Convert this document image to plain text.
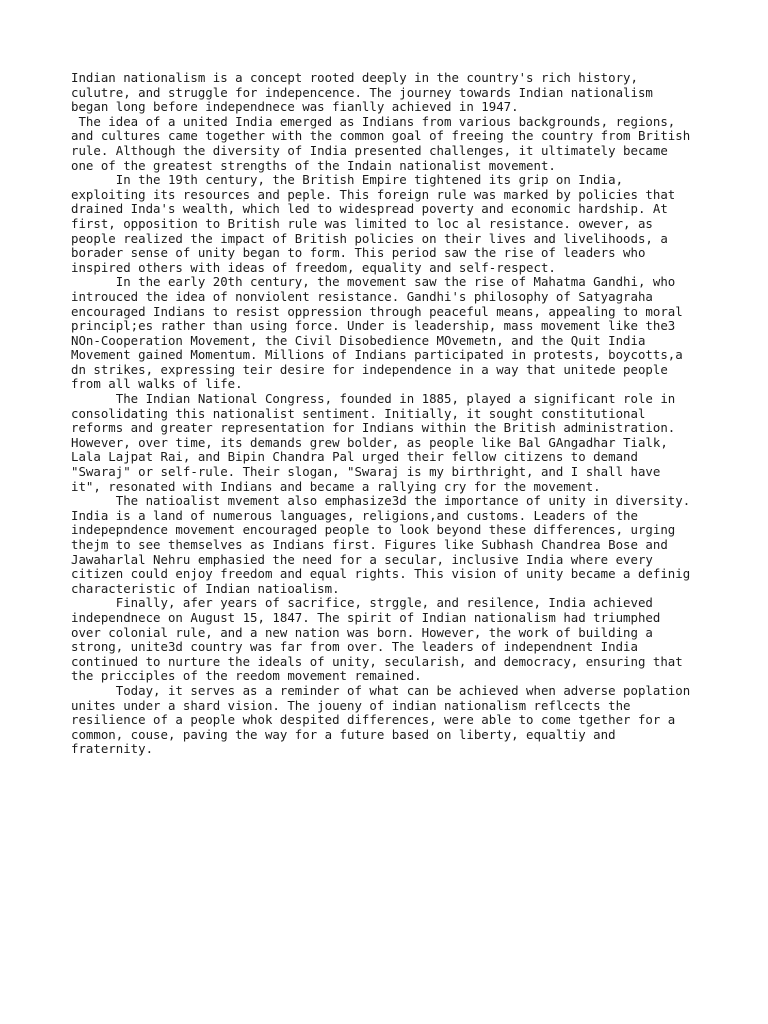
Indian nationalism is a concept rooted deeply in the country's rich history,
culutre, and struggle for indepencence. The journey towards Indian nationalism
began long before independnece was fianlly achieved in 1947.
The idea of a united India emerged as Indians from various backgrounds, regions,
and cultures came together with the common goal of freeing the country from British
rule. Although the diversity of India presented challenges, it ultimately became
one of the greatest strengths of the Indain nationalist movement.
In the 19th century, the British Empire tightened its grip on India,
exploiting its resources and peple. This foreign rule was marked by policies that
drained Inda's wealth, which led to widespread poverty and economic hardship. At
first, opposition to British rule was limited to loc al resistance. owever, as
people realized the impact of British policies on their lives and livelihoods, a
borader sense of unity began to form. This period saw the rise of leaders who
inspired others with ideas of freedom, equality and self-respect.
In the early 20th century, the movement saw the rise of Mahatma Gandhi, who
introuced the idea of nonviolent resistance. Gandhi's philosophy of Satyagraha
encouraged Indians to resist oppression through peaceful means, appealing to moral
principl;es rather than using force. Under is leadership, mass movement like the3
NOn-Cooperation Movement, the Civil Disobedience MOvemetn, and the Quit India
Movement gained Momentum. Millions of Indians participated in protests, boycotts,a
dn strikes, expressing teir desire for independence in a way that unitede people
from all walks of life.
The Indian National Congress, founded in 1885, played a significant role in
consolidating this nationalist sentiment. Initially, it sought constitutional
reforms and greater representation for Indians within the British administration.
However, over time, its demands grew bolder, as people like Bal GAngadhar Tialk,
Lala Lajpat Rai, and Bipin Chandra Pal urged their fellow citizens to demand
"Swaraj" or self-rule. Their slogan, "Swaraj is my birthright, and I shall have
it", resonated with Indians and became a rallying cry for the movement.
The natioalist mvement also emphasize3d the importance of unity in diversity.
India is a land of numerous languages, religions,and customs. Leaders of the
indepepndence movement encouraged people to look beyond these differences, urging
thejm to see themselves as Indians first. Figures like Subhash Chandrea Bose and
Jawaharlal Nehru emphasied the need for a secular, inclusive India where every
citizen could enjoy freedom and equal rights. This vision of unity became a definig
characteristic of Indian natioalism.
Finally, afer years of sacrifice, strggle, and resilence, India achieved
independnece on August 15, 1847. The spirit of Indian nationalism had triumphed
over colonial rule, and a new nation was born. However, the work of building a
strong, unite3d country was far from over. The leaders of independnent India
continued to nurture the ideals of unity, secularish, and democracy, ensuring that
the pricciples of the reedom movement remained.
Today, it serves as a reminder of what can be achieved when adverse poplation
unites under a shard vision. The joueny of indian nationalism reflcects the
resilience of a people whok despited differences, were able to come tgether for a
common, couse, paving the way for a future based on liberty, equaltiy and
fraternity.
